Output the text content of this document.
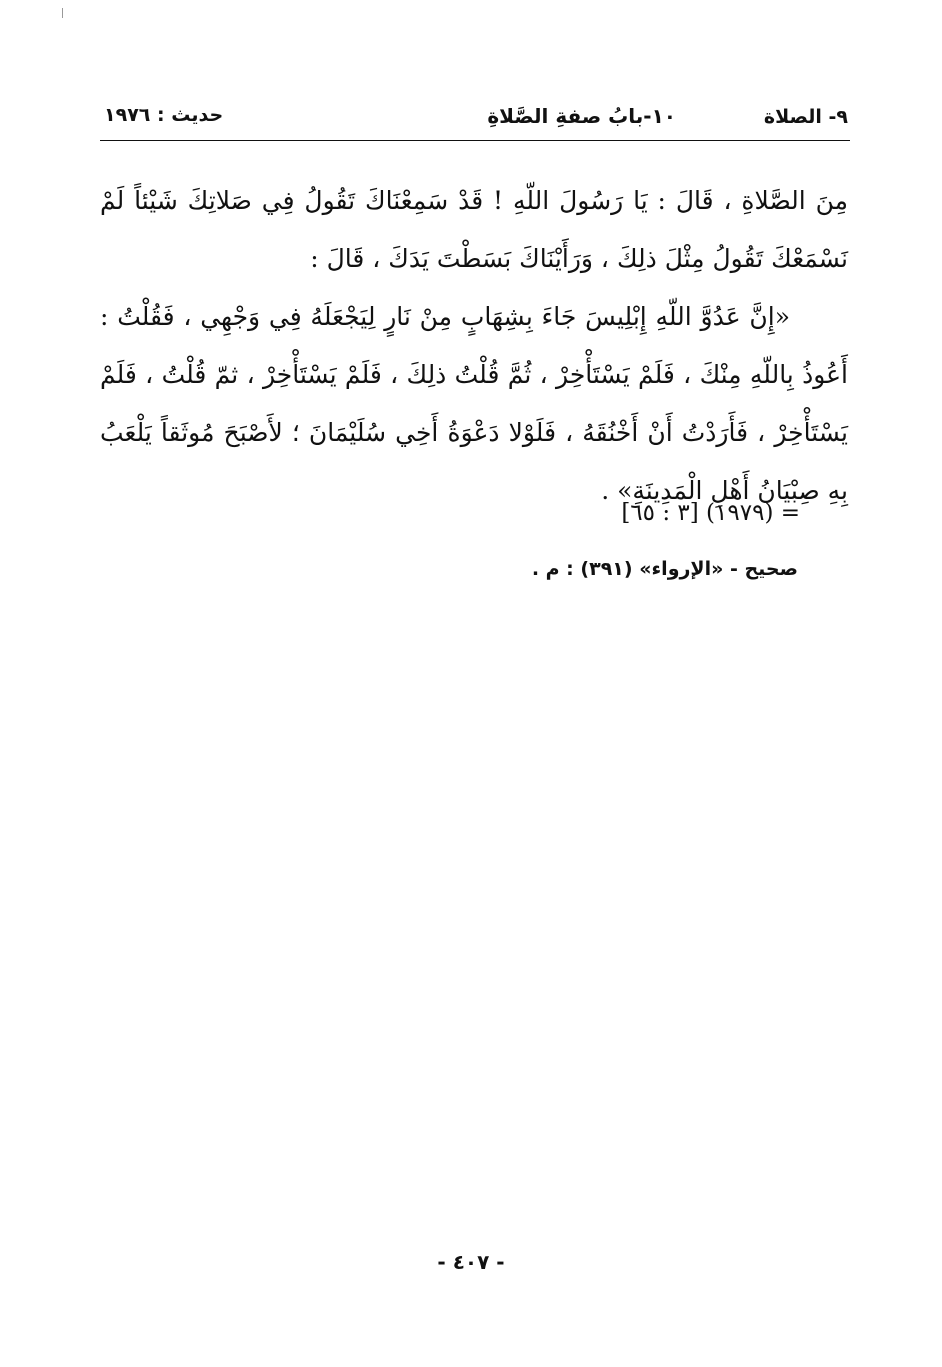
٩- الصلاة
١٠-بابُ صفةِ الصَّلاةِ
حديث : ١٩٧٦

مِنَ الصَّلاةِ ، قَالَ : يَا رَسُولَ اللّهِ ! قَدْ سَمِعْنَاكَ تَقُولُ فِي صَلاتِكَ شَيْئاً لَمْ نَسْمَعْكَ تَقُولُ مِثْلَ ذلِكَ ، وَرَأَيْنَاكَ بَسَطْتَ يَدَكَ ، قَالَ :

«إِنَّ عَدُوَّ اللّهِ إِبْلِيسَ جَاءَ بِشِهَابٍ مِنْ نَارٍ لِيَجْعَلَهُ فِي وَجْهِي ، فَقُلْتُ : أَعُوذُ بِاللّهِ مِنْكَ ، فَلَمْ يَسْتَأْخِرْ ، ثُمَّ قُلْتُ ذلِكَ ، فَلَمْ يَسْتَأْخِرْ ، ثمّ قُلْتُ ، فَلَمْ يَسْتَأْخِرْ ، فَأَرَدْتُ أَنْ أَخْنُقَهُ ، فَلَوْلا دَعْوَةُ أَخِي سُلَيْمَانَ ؛ لأَصْبَحَ مُوثَقاً يَلْعَبُ بِهِ صِبْيَانُ أَهْلِ الْمَدِينَةِ» .

= (١٩٧٩) [٣ : ٦٥]
صحيح - «الإرواء» (٣٩١) : م .
- ٤٠٧ -
